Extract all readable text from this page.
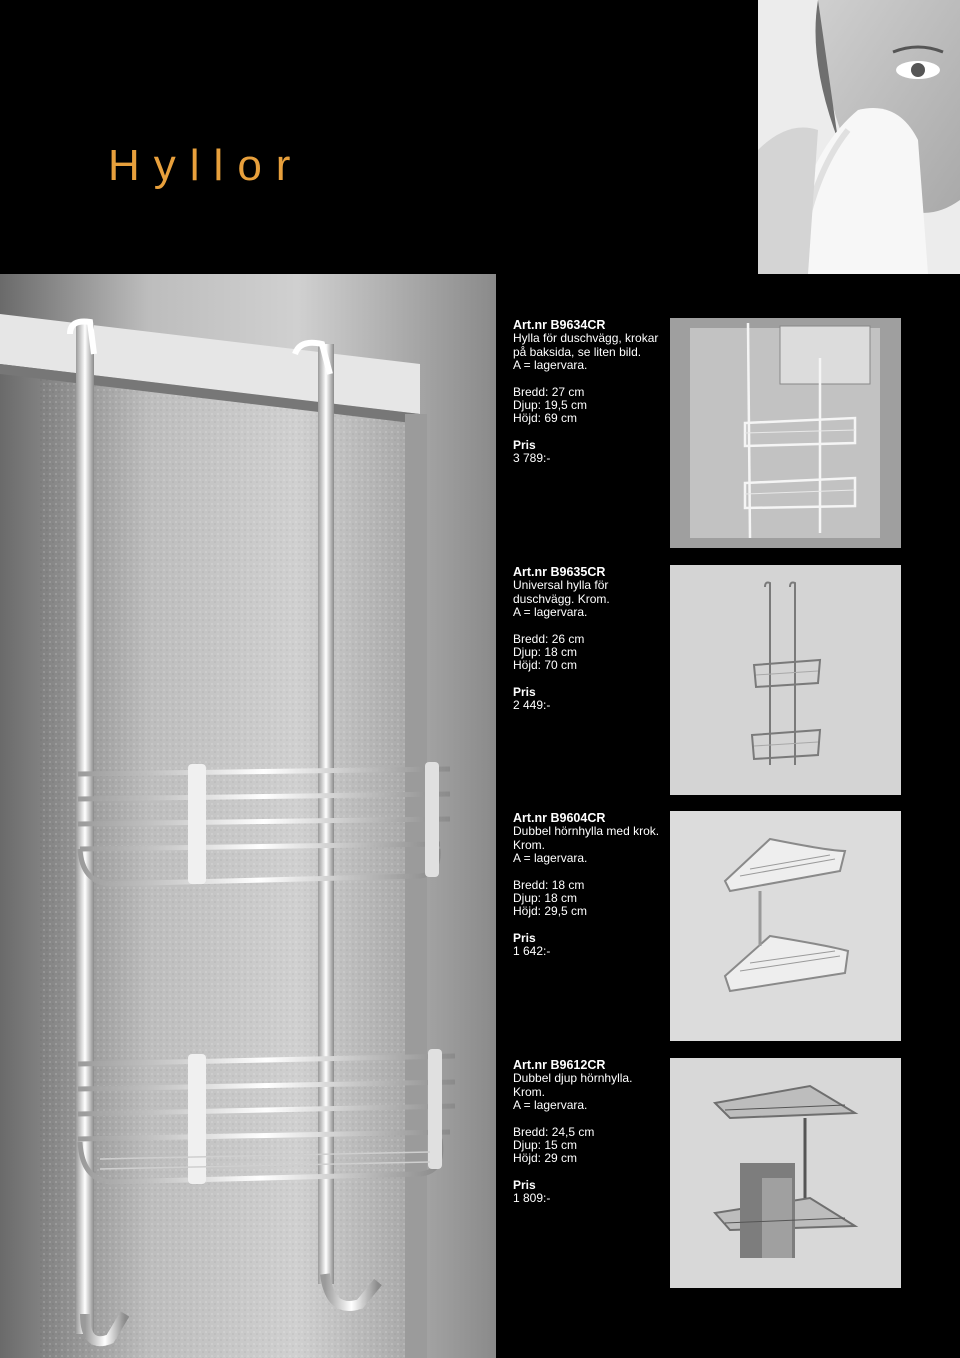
Hyllor
Art.nr B9634CR
Hylla för duschvägg, krokar
på baksida, se liten bild.
A = lagervara.
Bredd: 27 cm
Djup: 19,5 cm
Höjd: 69 cm
Pris
3 789:-
Art.nr B9635CR
Universal hylla för
duschvägg. Krom.
A = lagervara.
Bredd: 26 cm
Djup: 18 cm
Höjd: 70 cm
Pris
2 449:-
Art.nr B9604CR
Dubbel hörnhylla med krok.
Krom.
A = lagervara.
Bredd: 18 cm
Djup: 18 cm
Höjd: 29,5 cm
Pris
1 642:-
Art.nr B9612CR
Dubbel djup hörnhylla.
Krom.
A = lagervara.
Bredd: 24,5 cm
Djup: 15 cm
Höjd: 29 cm
Pris
1 809:-
